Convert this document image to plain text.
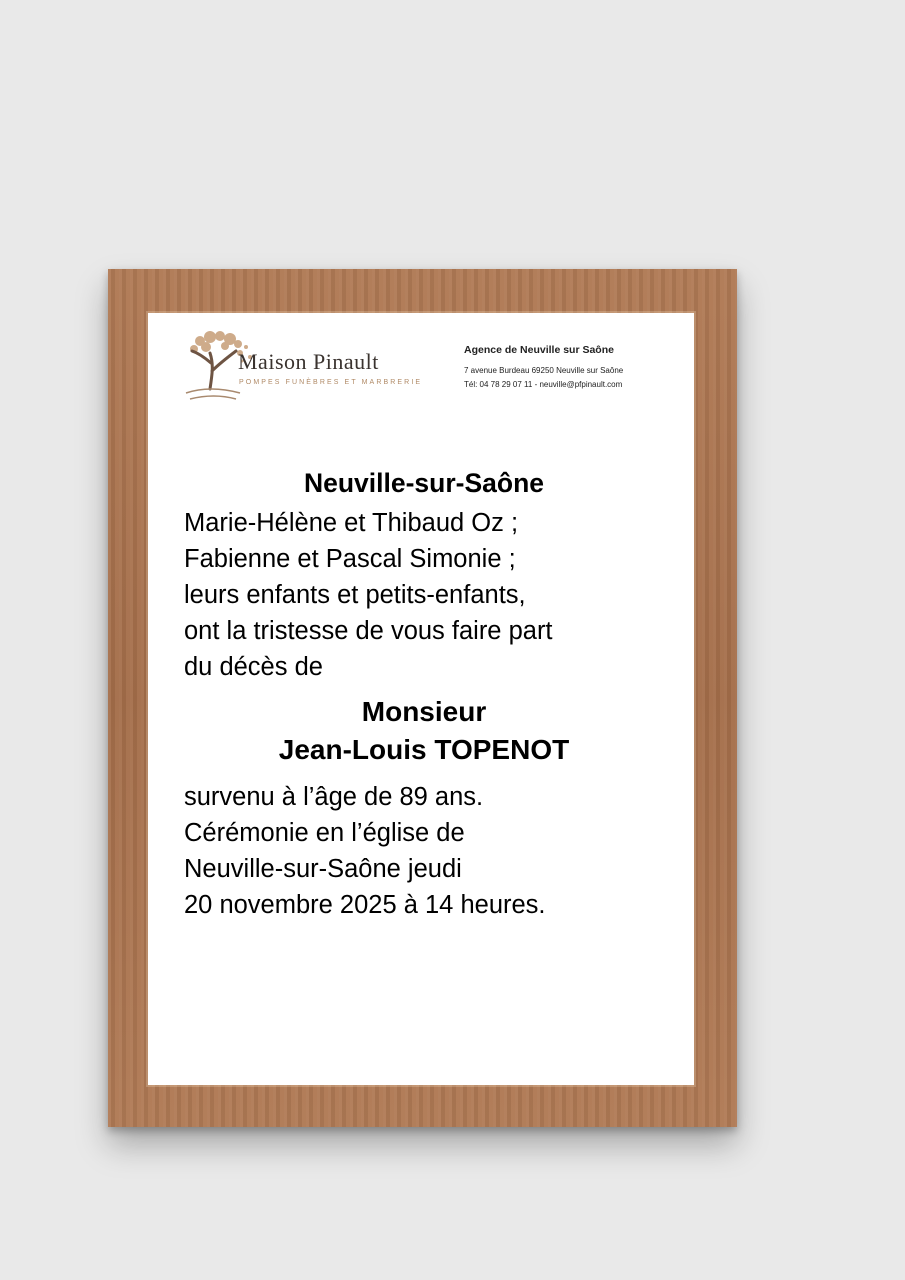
Maison Pinault
POMPES FUNÈBRES ET MARBRERIE
Agence de Neuville sur Saône
7 avenue Burdeau 69250 Neuville sur Saône
Tél: 04 78 29 07 11 - neuville@pfpinault.com
Neuville-sur-Saône
Marie-Hélène et Thibaud Oz ;
Fabienne et Pascal Simonie ;
leurs enfants et petits-enfants,
ont la tristesse de vous faire part
du décès de
Monsieur
Jean-Louis TOPENOT
survenu à l’âge de 89 ans.
Cérémonie en l’église de
Neuville-sur-Saône jeudi
20 novembre 2025 à 14 heures.
